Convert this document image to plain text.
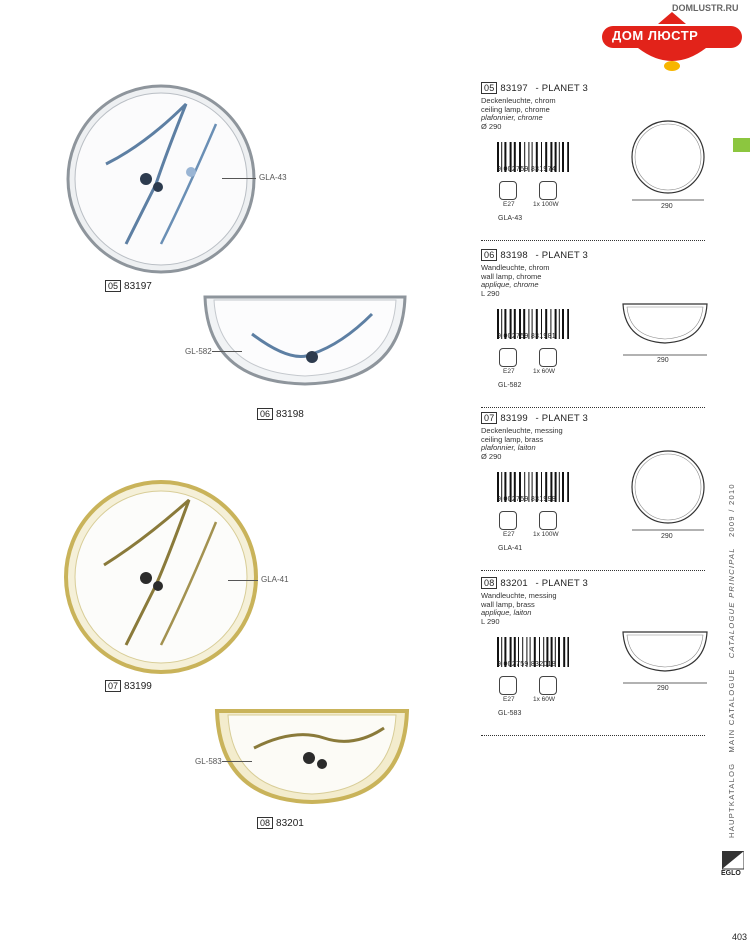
DOMLUSTR.RU
ДОМ ЛЮСТР
GLA-43
05 83197
GL-582
06 83198
GLA-41
07 83199
GL-583
08 83201
05 83197  - PLANET 3
Deckenleuchte, chrom
ceiling lamp, chrome
plafonnier, chrome
Ø 290
9 002759 831974
E27	1x 100W
GLA-43
290
06 83198  - PLANET 3
Wandleuchte, chrom
wall lamp, chrome
applique, chrome
L 290
9 002759 831981
E27	1x 60W
GL-582
290
07 83199  - PLANET 3
Deckenleuchte, messing
ceiling lamp, brass
plafonnier, laiton
Ø 290
9 002759 831998
E27	1x 100W
GLA-41
290
08 83201  - PLANET 3
Wandleuchte, messing
wall lamp, brass
applique, laiton
L 290
9 002759 832018
E27	1x 60W
GL-583
290
HAUPTKATALOG   MAIN CATALOGUE   CATALOGUE PRINCIPAL   2009 / 2010
EGLO
403
